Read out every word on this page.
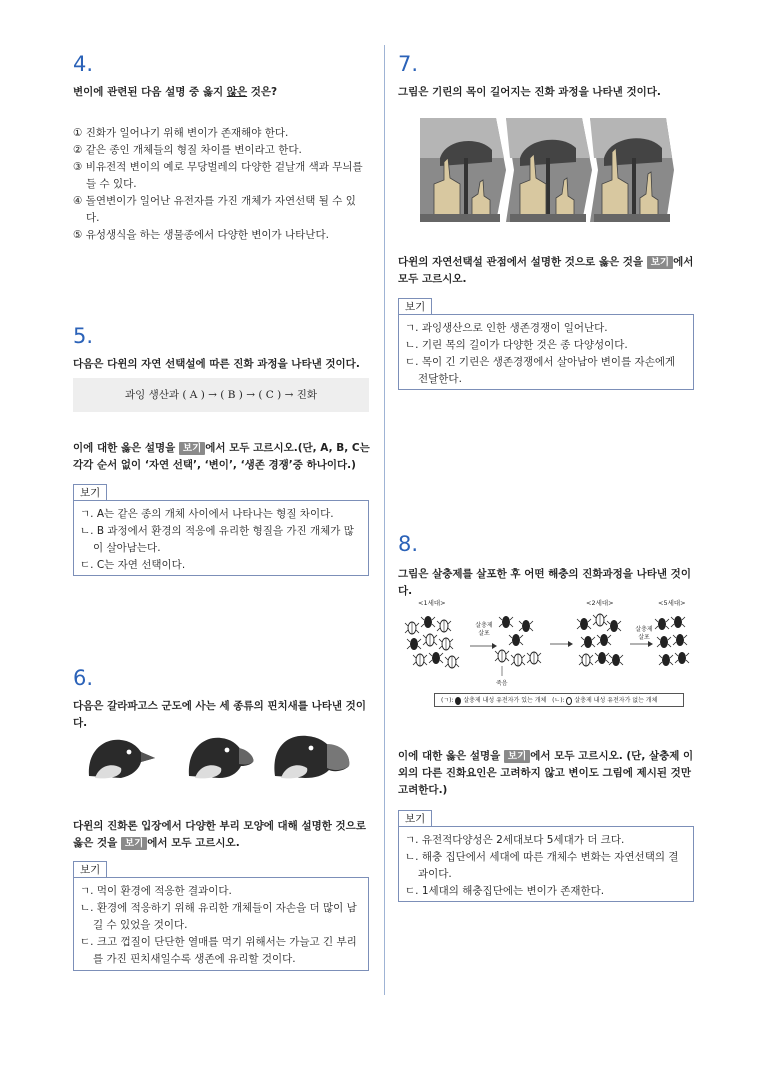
4.
변이에 관련된 다음 설명 중 옳지 않은 것은?
① 진화가 일어나기 위해 변이가 존재해야 한다.
② 같은 종인 개체들의 형질 차이를 변이라고 한다.
③ 비유전적 변이의 예로 무당벌레의 다양한 겉날개 색과 무늬를 들 수 있다.
④ 돌연변이가 일어난 유전자를 가진 개체가 자연선택 될 수 있다.
⑤ 유성생식을 하는 생물종에서 다양한 변이가 나타난다.
5.
다음은 다윈의 자연 선택설에 따른 진화 과정을 나타낸 것이다.
과잉 생산과 ( A ) → ( B ) → ( C ) → 진화
이에 대한 옳은 설명을 보기 에서 모두 고르시오.(단, A, B, C는 각각 순서 없이 ‘자연 선택’, ‘변이’, ‘생존 경쟁’중 하나이다.)
보기
ㄱ. A는 같은 종의 개체 사이에서 나타나는 형질 차이다.
ㄴ. B 과정에서 환경의 적응에 유리한 형질을 가진 개체가 많이 살아남는다.
ㄷ. C는 자연 선택이다.
6.
다음은 갈라파고스 군도에 사는 세 종류의 핀치새를 나타낸 것이다.
다윈의 진화론 입장에서 다양한 부리 모양에 대해 설명한 것으로 옳은 것을 보기 에서 모두 고르시오.
보기
ㄱ. 먹이 환경에 적응한 결과이다.
ㄴ. 환경에 적응하기 위해 유리한 개체들이 자손을 더 많이 남길 수 있었을 것이다.
ㄷ. 크고 껍질이 단단한 열매를 먹기 위해서는 가늘고 긴 부리를 가진 핀치새일수록 생존에 유리할 것이다.
7.
그림은 기린의 목이 길어지는 진화 과정을 나타낸 것이다.
다윈의 자연선택설 관점에서 설명한 것으로 옳은 것을 보기 에서 모두 고르시오.
보기
ㄱ. 과잉생산으로 인한 생존경쟁이 일어난다.
ㄴ. 기린 목의 길이가 다양한 것은 종 다양성이다.
ㄷ. 목이 긴 기린은 생존경쟁에서 살아남아 변이를 자손에게 전달한다.
8.
그림은 살충제를 살포한 후 어떤 해충의 진화과정을 나타낸 것이다.
<1세대>	<2세대>	<5세대>
살충제
살포
살충제
살포
죽음
(ㄱ): 살충제 내성 유전자가 있는 개체 (ㄴ): 살충제 내성 유전자가 없는 개체
이에 대한 옳은 설명을 보기 에서 모두 고르시오. (단, 살충제 이외의 다른 진화요인은 고려하지 않고 변이도 그림에 제시된 것만 고려한다.)
보기
ㄱ. 유전적다양성은 2세대보다 5세대가 더 크다.
ㄴ. 해충 집단에서 세대에 따른 개체수 변화는 자연선택의 결과이다.
ㄷ. 1세대의 해충집단에는 변이가 존재한다.
